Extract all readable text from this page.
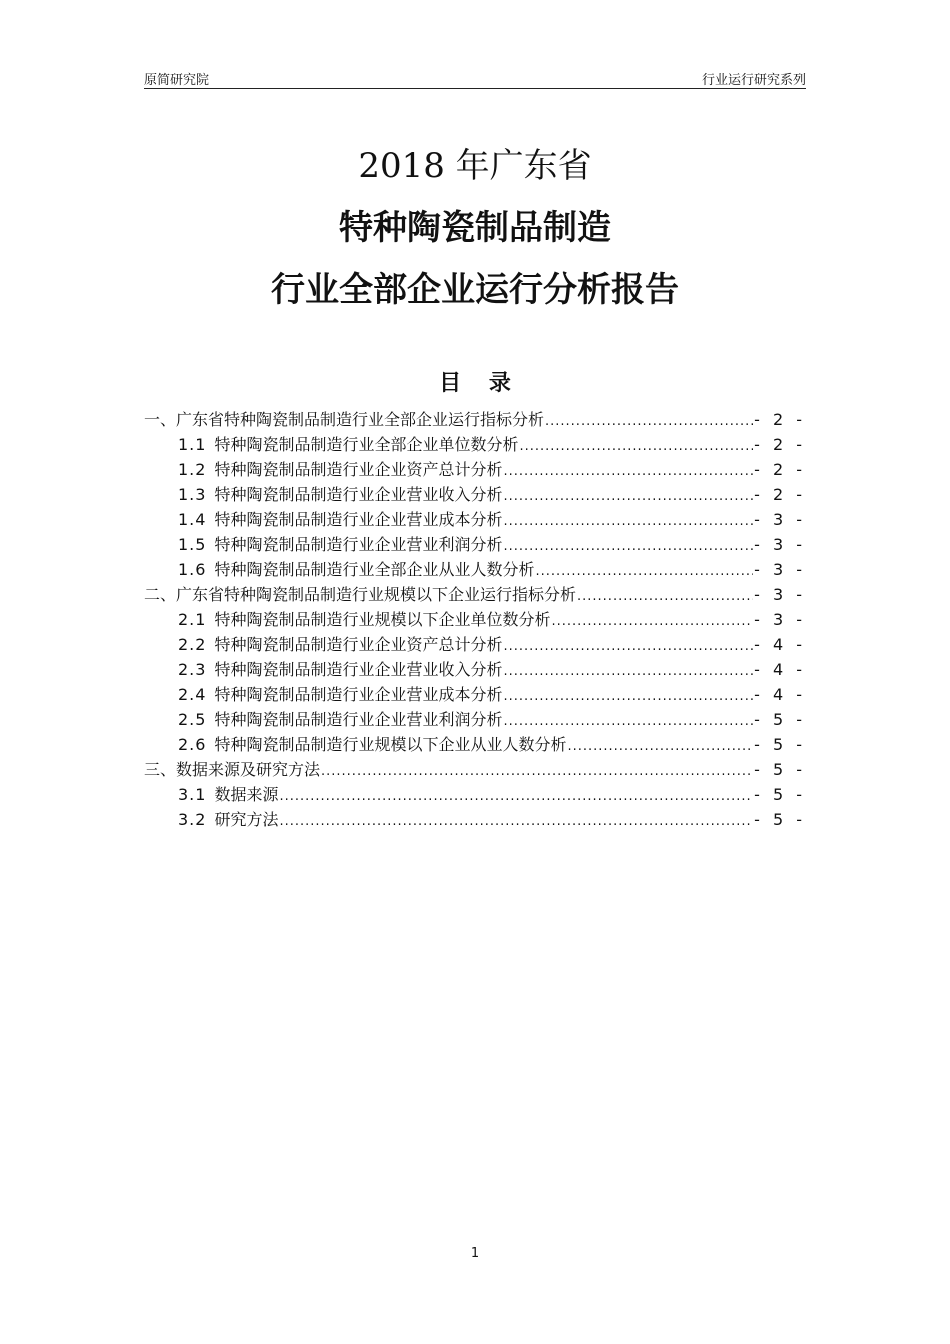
原简研究院	行业运行研究系列
2018 年广东省
特种陶瓷制品制造
行业全部企业运行分析报告
目 录
一、广东省特种陶瓷制品制造行业全部企业运行指标分析 .....	- 2 -
1.1 特种陶瓷制品制造行业全部企业单位数分析 .....	- 2 -
1.2 特种陶瓷制品制造行业企业资产总计分析 .....	- 2 -
1.3 特种陶瓷制品制造行业企业营业收入分析 .....	- 2 -
1.4 特种陶瓷制品制造行业企业营业成本分析 .....	- 3 -
1.5 特种陶瓷制品制造行业企业营业利润分析 .....	- 3 -
1.6 特种陶瓷制品制造行业全部企业从业人数分析 .....	- 3 -
二、广东省特种陶瓷制品制造行业规模以下企业运行指标分析 .....	- 3 -
2.1 特种陶瓷制品制造行业规模以下企业单位数分析 .....	- 3 -
2.2 特种陶瓷制品制造行业企业资产总计分析 .....	- 4 -
2.3 特种陶瓷制品制造行业企业营业收入分析 .....	- 4 -
2.4 特种陶瓷制品制造行业企业营业成本分析 .....	- 4 -
2.5 特种陶瓷制品制造行业企业营业利润分析 .....	- 5 -
2.6 特种陶瓷制品制造行业规模以下企业从业人数分析 .....	- 5 -
三、数据来源及研究方法 .....	- 5 -
3.1 数据来源 .....	- 5 -
3.2 研究方法 .....	- 5 -
1
